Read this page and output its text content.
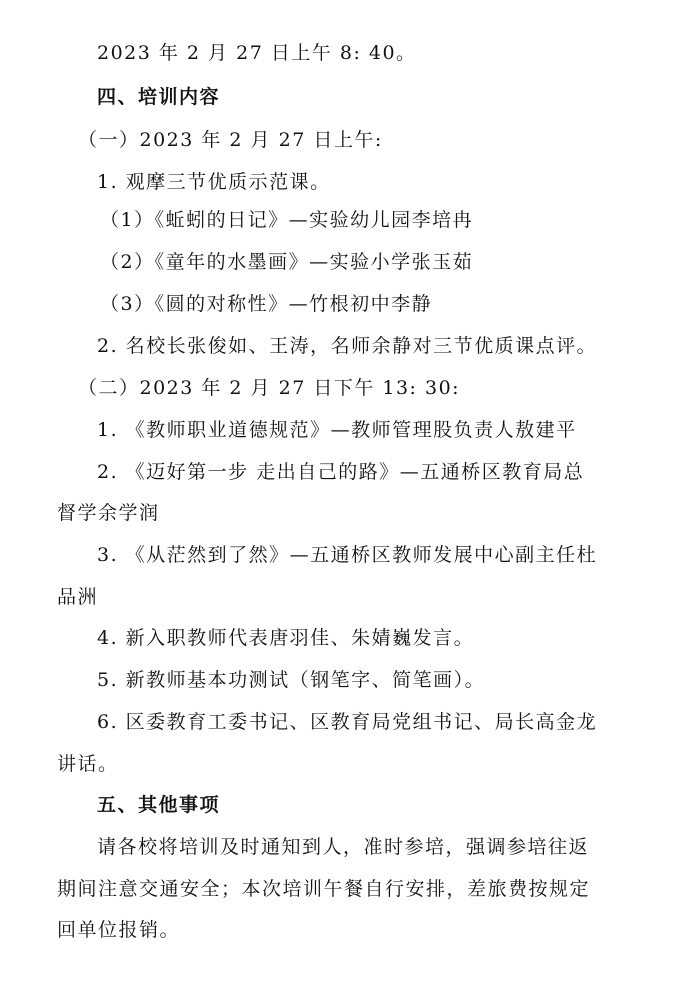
2023 年 2 月 27 日上午 8: 40。
四、培训内容
（一）2023 年 2 月 27 日上午:
1. 观摩三节优质示范课。
（1）《蚯蚓的日记》—实验幼儿园李培冉
（2）《童年的水墨画》—实验小学张玉茹
（3）《圆的对称性》—竹根初中李静
2. 名校长张俊如、王涛，名师余静对三节优质课点评。
（二）2023 年 2 月 27 日下午 13: 30:
1. 《教师职业道德规范》—教师管理股负责人敖建平
2. 《迈好第一步 走出自己的路》—五通桥区教育局总
督学余学润
3. 《从茫然到了然》—五通桥区教师发展中心副主任杜
品洲
4. 新入职教师代表唐羽佳、朱婧巍发言。
5. 新教师基本功测试（钢笔字、简笔画）。
6. 区委教育工委书记、区教育局党组书记、局长高金龙
讲话。
五、其他事项
请各校将培训及时通知到人，准时参培，强调参培往返
期间注意交通安全；本次培训午餐自行安排，差旅费按规定
回单位报销。
